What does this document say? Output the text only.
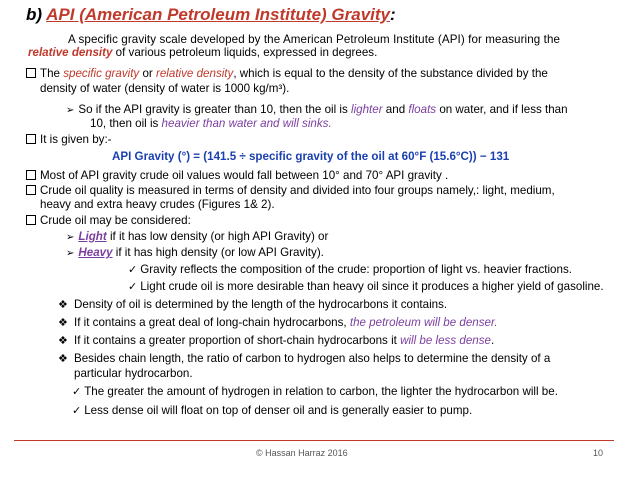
b) API (American Petroleum Institute) Gravity:
A specific gravity scale developed by the American Petroleum Institute (API) for measuring the
relative density of various petroleum liquids, expressed in degrees.
The specific gravity or relative density, which is equal to the density of the substance divided by the
density of water (density of water is 1000 kg/m³).
➢ So if the API gravity is greater than 10, then the oil is lighter and floats on water, and if less than
10, then oil is heavier than water and will sinks.
It is given by:-
API Gravity (°) = (141.5 ÷ specific gravity of the oil at 60°F (15.6°C)) − 131
Most of API gravity crude oil values would fall between 10° and 70° API gravity .
Crude oil quality is measured in terms of density and divided into four groups namely,: light, medium,
heavy and extra heavy crudes (Figures 1& 2).
Crude oil may be considered:
➢ Light if it has low density (or high API Gravity) or
➢ Heavy if it has high density (or low API Gravity).
✓ Gravity reflects the composition of the crude: proportion of light vs. heavier fractions.
✓ Light crude oil is more desirable than heavy oil since it produces a higher yield of gasoline.
❖ Density of oil is determined by the length of the hydrocarbons it contains.
❖ If it contains a great deal of long-chain hydrocarbons, the petroleum will be denser.
❖ If it contains a greater proportion of short-chain hydrocarbons it will be less dense.
❖ Besides chain length, the ratio of carbon to hydrogen also helps to determine the density of a
particular hydrocarbon.
✓ The greater the amount of hydrogen in relation to carbon, the lighter the hydrocarbon will be.
✓ Less dense oil will float on top of denser oil and is generally easier to pump.
© Hassan Harraz 2016	10
